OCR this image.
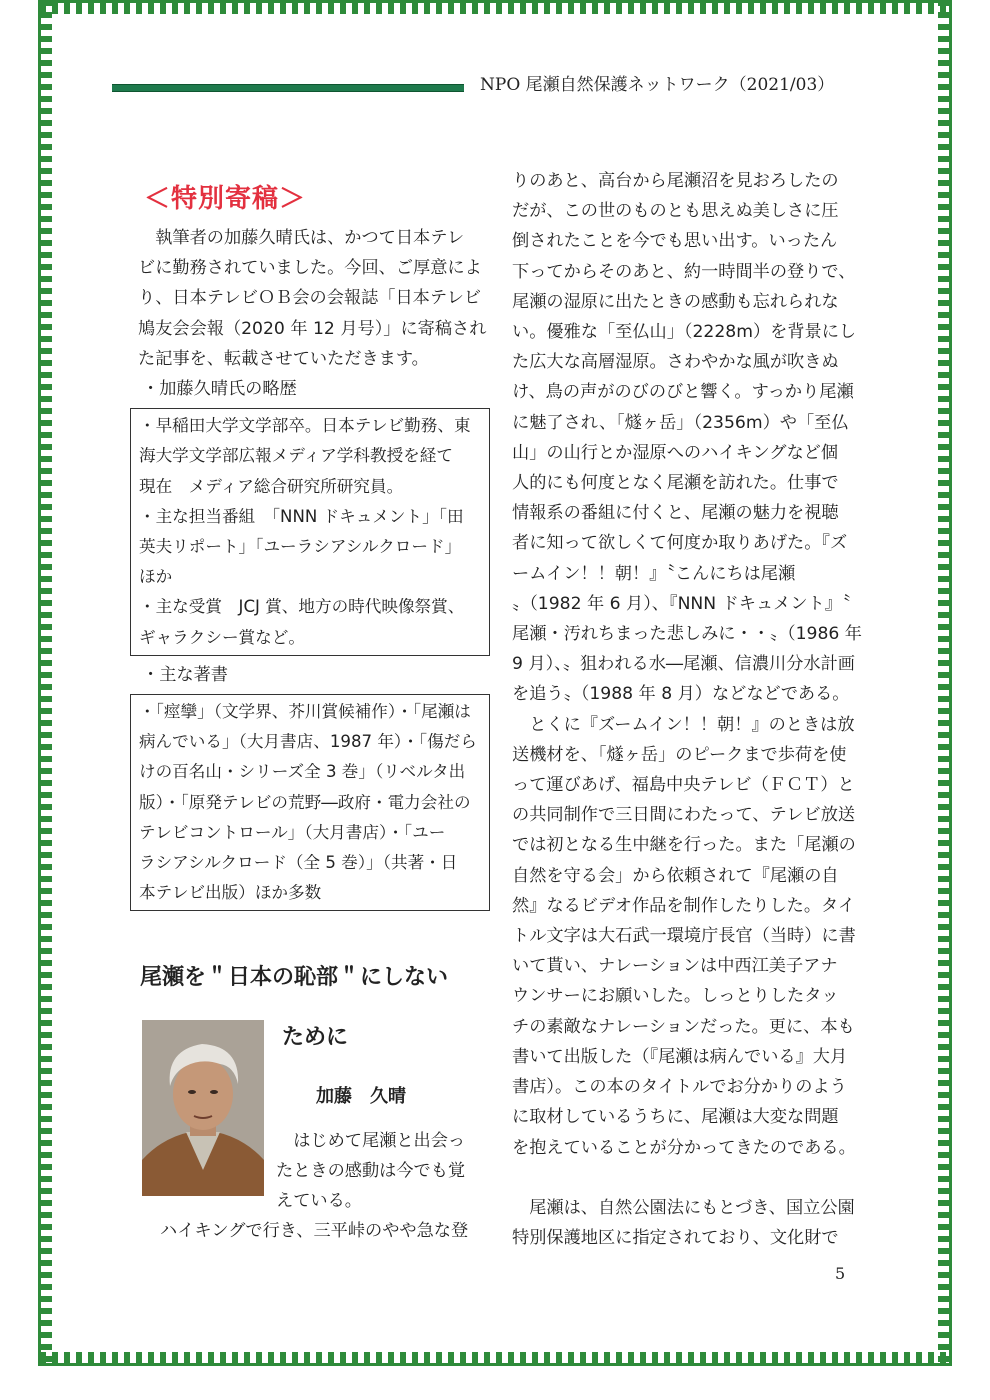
NPO 尾瀬自然保護ネットワーク（2021/03）
＜特別寄稿＞
　執筆者の加藤久晴氏は、かつて日本テレ
ビに勤務されていました。今回、ご厚意によ
り、日本テレビＯＢ会の会報誌「日本テレビ
鳩友会会報（2020 年 12 月号）」に寄稿され
た記事を、転載させていただきます。
・加藤久晴氏の略歴
・早稲田大学文学部卒。日本テレビ勤務、東
海大学文学部広報メディア学科教授を経て
現在　メディア総合研究所研究員。
・主な担当番組　「NNN ドキュメント」「田
英夫リポート」「ユーラシアシルクロード」
ほか
・主な受賞　JCJ 賞、地方の時代映像祭賞、
ギャラクシー賞など。
・主な著書
・「痙攣」（文学界、芥川賞候補作）・「尾瀬は
病んでいる」（大月書店、1987 年）・「傷だら
けの百名山・シリーズ全 3 巻」（リベルタ出
版）・「原発テレビの荒野―政府・電力会社の
テレビコントロール」（大月書店）・「ユー
ラシアシルクロード（全 5 巻）」（共著・日
本テレビ出版）ほか多数
尾瀬を＂日本の恥部＂にしない
ために
加藤　久晴
　はじめて尾瀬と出会っ
たときの感動は今でも覚
えている。
ハイキングで行き、三平峠のやや急な登
りのあと、高台から尾瀬沼を見おろしたの
だが、この世のものとも思えぬ美しさに圧
倒されたことを今でも思い出す。いったん
下ってからそのあと、約一時間半の登りで、
尾瀬の湿原に出たときの感動も忘れられな
い。優雅な「至仏山」（2228m）を背景にし
た広大な高層湿原。さわやかな風が吹きぬ
け、鳥の声がのびのびと響く。すっかり尾瀬
に魅了され、「燧ヶ岳」（2356m）や「至仏
山」の山行とか湿原へのハイキングなど個
人的にも何度となく尾瀬を訪れた。仕事で
情報系の番組に付くと、尾瀬の魅力を視聴
者に知って欲しくて何度か取りあげた。『ズ
ームイン！！朝！』〝こんにちは尾瀬
〟（1982 年 6 月）、『NNN ドキュメント』〝
尾瀬・汚れちまった悲しみに・・〟（1986 年
9 月）、〟狙われる水―尾瀬、信濃川分水計画
を追う〟（1988 年 8 月）などなどである。
　とくに『ズームイン！！朝！』のときは放
送機材を、「燧ヶ岳」のピークまで歩荷を使
って運びあげ、福島中央テレビ（ＦＣＴ）と
の共同制作で三日間にわたって、テレビ放送
では初となる生中継を行った。また「尾瀬の
自然を守る会」から依頼されて『尾瀬の自
然』なるビデオ作品を制作したりした。タイ
トル文字は大石武一環境庁長官（当時）に書
いて貰い、ナレーションは中西江美子アナ
ウンサーにお願いした。しっとりしたタッ
チの素敵なナレーションだった。更に、本も
書いて出版した（『尾瀬は病んでいる』大月
書店）。この本のタイトルでお分かりのよう
に取材しているうちに、尾瀬は大変な問題
を抱えていることが分かってきたのである。
　尾瀬は、自然公園法にもとづき、国立公園
特別保護地区に指定されており、文化財で
5
